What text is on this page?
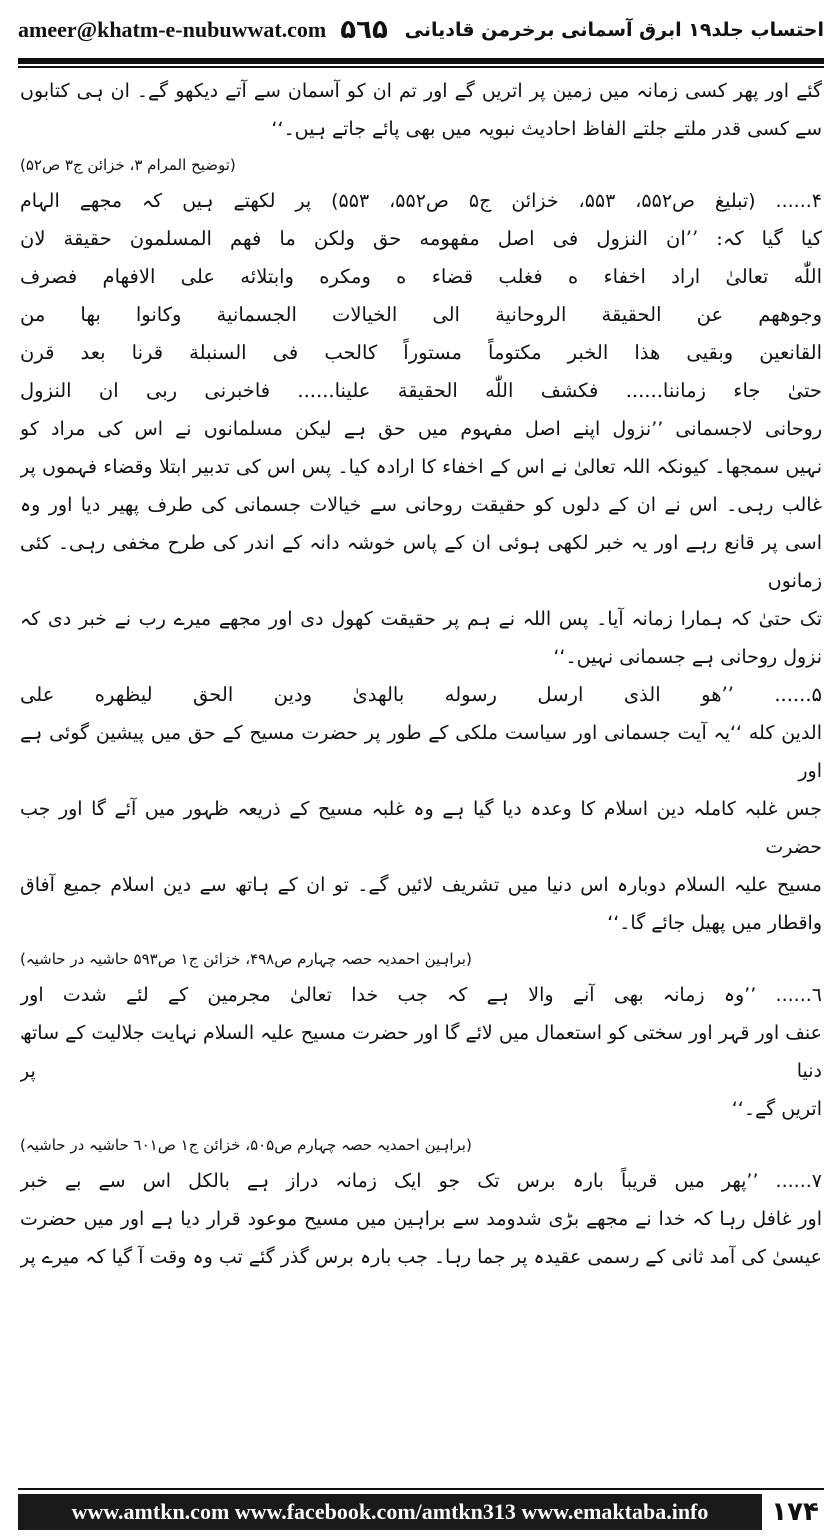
ameer@khatm-e-nubuwwat.com ۵٦۵ احتساب جلد۱۹ ابرق آسمانی برخرمن قادیانی
گئے اور پھر کسی زمانہ میں زمین پر اتریں گے اور تم ان کو آسمان سے آتے دیکھو گے۔ ان ہی کتابوں
سے کسی قدر ملتے جلتے الفاظ احادیث نبویہ میں بھی پائے جاتے ہیں۔‘‘
(توضیح المرام ۳، خزائن ج۳ ص۵۲)
۴...... (تبلیغ ص۵۵۲، ۵۵۳، خزائن ج۵ ص۵۵۲، ۵۵۳) پر لکھتے ہیں کہ مجھے الہام
کیا گیا کہ: ’’ان النزول فی اصل مفهومه حق ولکن ما فهم المسلمون حقیقة لان
اللّٰه تعالیٰ اراد اخفاء ه فغلب قضاء ه ومکره وابتلائه علی الافهام فصرف
وجوههم عن الحقیقة الروحانیة الی الخیالات الجسمانیة وکانوا بها من
القانعین وبقیی هذا الخبر مکتوماً مستوراً کالحب فی السنبلة قرنا بعد قرن
حتیٰ جاء زماننا...... فکشف اللّٰه الحقیقة علینا...... فاخبرنی ربی ان النزول
روحانی لاجسمانی ’’نزول اپنے اصل مفہوم میں حق ہے لیکن مسلمانوں نے اس کی مراد کو
نہیں سمجھا۔ کیونکہ اللہ تعالیٰ نے اس کے اخفاء کا ارادہ کیا۔ پس اس کی تدبیر ابتلا وقضاء فہموں پر
غالب رہی۔ اس نے ان کے دلوں کو حقیقت روحانی سے خیالات جسمانی کی طرف پھیر دیا اور وہ
اسی پر قانع رہے اور یہ خبر لکھی ہوئی ان کے پاس خوشہ دانہ کے اندر کی طرح مخفی رہی۔ کئی زمانوں
تک حتیٰ کہ ہمارا زمانہ آیا۔ پس اللہ نے ہم پر حقیقت کھول دی اور مجھے میرے رب نے خبر دی کہ
نزول روحانی ہے جسمانی نہیں۔‘‘
۵...... ’’هو الذی ارسل رسوله بالهدیٰ ودین الحق لیظهره علی
الدین کله ‘‘یہ آیت جسمانی اور سیاست ملکی کے طور پر حضرت مسیح کے حق میں پیشین گوئی ہے اور
جس غلبہ کاملہ دین اسلام کا وعدہ دیا گیا ہے وہ غلبہ مسیح کے ذریعہ ظہور میں آئے گا اور جب حضرت
مسیح علیہ السلام دوبارہ اس دنیا میں تشریف لائیں گے۔ تو ان کے ہاتھ سے دین اسلام جمیع آفاق
واقطار میں پھیل جائے گا۔‘‘
(براہین احمدیہ حصہ چہارم ص۴۹۸، خزائن ج۱ ص۵۹۳ حاشیہ در حاشیہ)
٦...... ’’وہ زمانہ بھی آنے والا ہے کہ جب خدا تعالیٰ مجرمین کے لئے شدت اور
عنف اور قہر اور سختی کو استعمال میں لائے گا اور حضرت مسیح علیہ السلام نہایت جلالیت کے ساتھ دنیا پر
اتریں گے۔‘‘
(براہین احمدیہ حصہ چہارم ص۵۰۵، خزائن ج۱ ص٦۰۱ حاشیہ در حاشیہ)
۷...... ’’پھر میں قریباً بارہ برس تک جو ایک زمانہ دراز ہے بالکل اس سے بے خبر
اور غافل رہا کہ خدا نے مجھے بڑی شدومد سے براہین میں مسیح موعود قرار دیا ہے اور میں حضرت
عیسیٰ کی آمد ثانی کے رسمی عقیدہ پر جما رہا۔ جب بارہ برس گذر گئے تب وہ وقت آ گیا کہ میرے پر
www.amtkn.com www.facebook.com/amtkn313 www.emaktaba.info	۱۷۴
